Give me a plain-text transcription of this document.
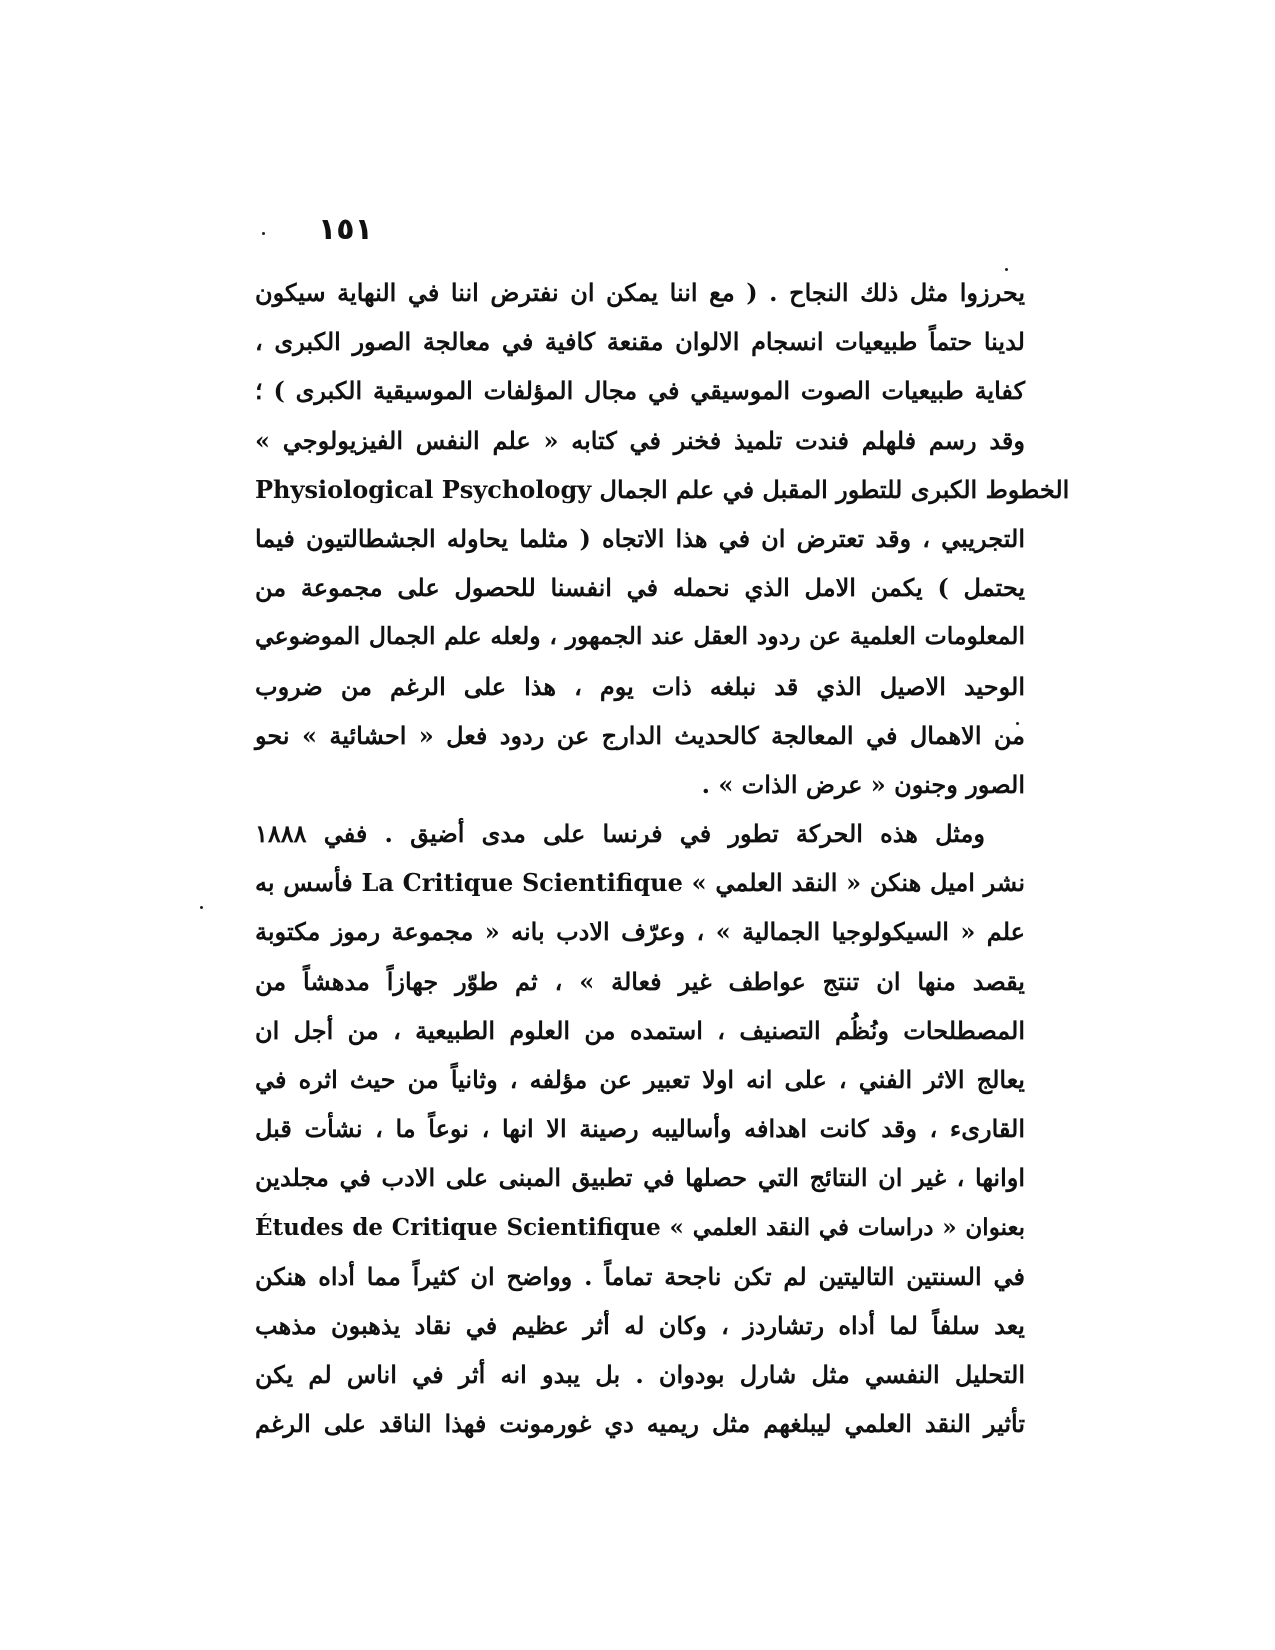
١٥١
يحرزوا مثل ذلك النجاح . ( مع اننا يمكن ان نفترض اننا في النهاية سيكون
لدينا حتماً طبيعيات انسجام الالوان مقنعة كافية في معالجة الصور الكبرى ،
كفاية طبيعيات الصوت الموسيقي في مجال المؤلفات الموسيقية الكبرى ) ؛
وقد رسم فلهلم فندت تلميذ فخنر في كتابه « علم النفس الفيزيولوجي »
Physiological Psychology الخطوط الكبرى للتطور المقبل في علم الجمال
التجريبي ، وقد تعترض ان في هذا الاتجاه ( مثلما يحاوله الجشطالتيون فيما
يحتمل ) يكمن الامل الذي نحمله في انفسنا للحصول على مجموعة من
المعلومات العلمية عن ردود العقل عند الجمهور ، ولعله علم الجمال الموضوعي
الوحيد الاصيل الذي قد نبلغه ذات يوم ، هذا على الرغم من ضروب
من الاهمال في المعالجة كالحديث الدارج عن ردود فعل « احشائية » نحو
الصور وجنون « عرض الذات » .
ومثل هذه الحركة تطور في فرنسا على مدى أضيق . ففي ١٨٨٨
نشر اميل هنكن « النقد العلمي » La Critique Scientifique فأسس به
علم « السيكولوجيا الجمالية » ، وعرّف الادب بانه « مجموعة رموز مكتوبة
يقصد منها ان تنتج عواطف غير فعالة » ، ثم طوّر جهازاً مدهشاً من
المصطلحات ونُظُم التصنيف ، استمده من العلوم الطبيعية ، من أجل ان
يعالج الاثر الفني ، على انه اولا تعبير عن مؤلفه ، وثانياً من حيث اثره في
القارىء ، وقد كانت اهدافه وأساليبه رصينة الا انها ، نوعاً ما ، نشأت قبل
اوانها ، غير ان النتائج التي حصلها في تطبيق المبنى على الادب في مجلدين
بعنوان « دراسات في النقد العلمي » Études de Critique Scientifique
في السنتين التاليتين لم تكن ناجحة تماماً . وواضح ان كثيراً مما أداه هنكن
يعد سلفاً لما أداه رتشاردز ، وكان له أثر عظيم في نقاد يذهبون مذهب
التحليل النفسي مثل شارل بودوان . بل يبدو انه أثر في اناس لم يكن
تأثير النقد العلمي ليبلغهم مثل ريميه دي غورمونت فهذا الناقد على الرغم
